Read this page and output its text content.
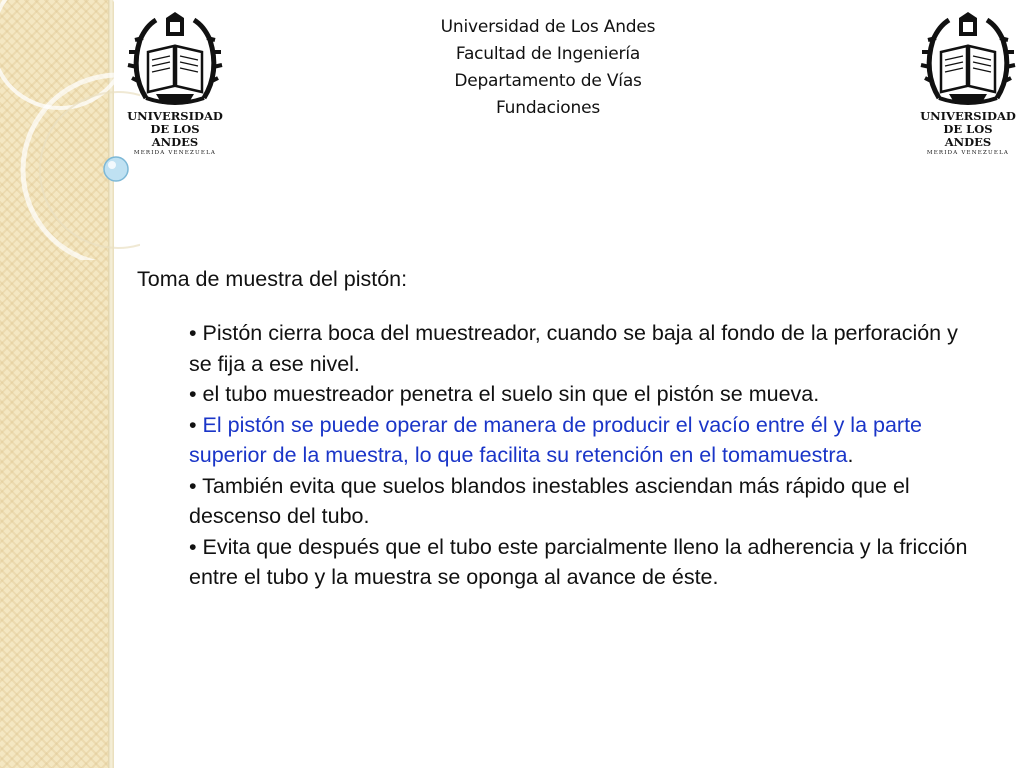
Universidad de Los Andes
Facultad de Ingeniería
Departamento de Vías
Fundaciones
UNIVERSIDAD
DE LOS ANDES
MERIDA VENEZUELA
UNIVERSIDAD
DE LOS ANDES
MERIDA VENEZUELA

Toma de muestra del pistón:

• Pistón cierra boca del muestreador, cuando se baja al fondo de la perforación y se fija a ese nivel.
• el tubo muestreador penetra el suelo sin que el pistón se mueva.
• El pistón se puede operar de manera de producir el vacío entre él y la parte superior de la muestra, lo que facilita su retención en el tomamuestra.
• También evita que suelos blandos inestables asciendan más rápido que el descenso del tubo.
• Evita que después que el tubo este parcialmente lleno la adherencia y la fricción entre el tubo y la muestra se oponga al avance de éste.
